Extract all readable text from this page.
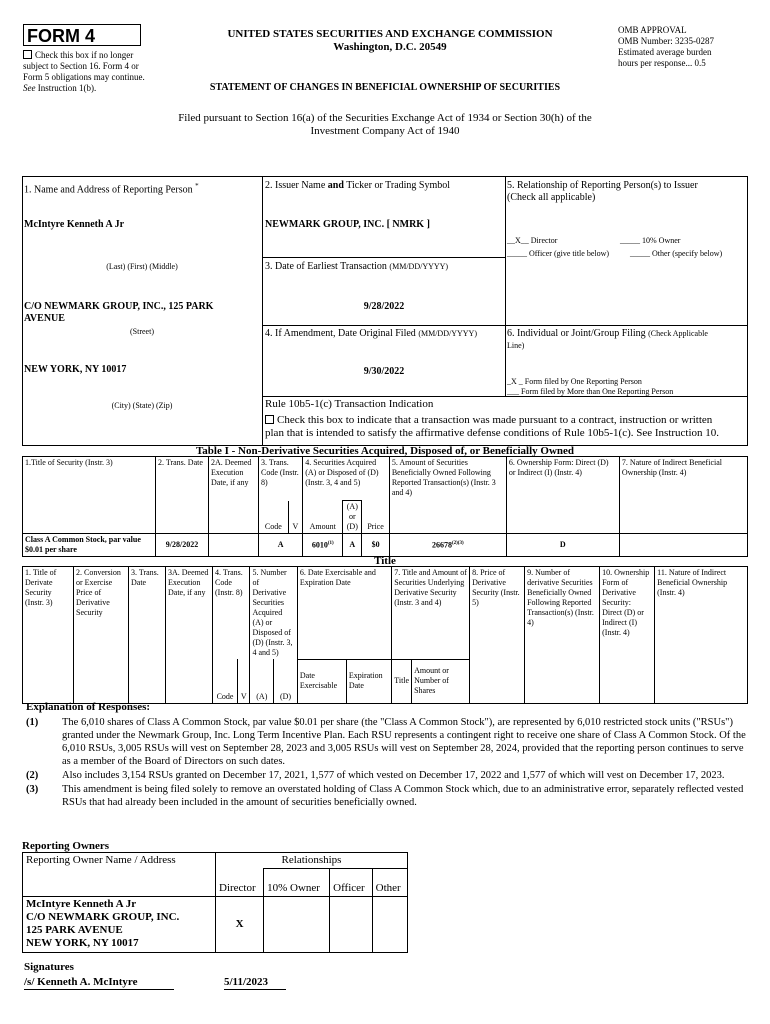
FORM 4
Check this box if no longer subject to Section 16. Form 4 or Form 5 obligations may continue. See Instruction 1(b).
UNITED STATES SECURITIES AND EXCHANGE COMMISSION
Washington, D.C. 20549
STATEMENT OF CHANGES IN BENEFICIAL OWNERSHIP OF SECURITIES
OMB APPROVAL
OMB Number: 3235-0287
Estimated average burden
hours per response... 0.5
Filed pursuant to Section 16(a) of the Securities Exchange Act of 1934 or Section 30(h) of the
Investment Company Act of 1940
1. Name and Address of Reporting Person *
McIntyre Kenneth A Jr
(Last) (First) (Middle)
C/O NEWMARK GROUP, INC., 125 PARK AVENUE
(Street)
NEW YORK, NY 10017
(City) (State) (Zip)
2. Issuer Name and Ticker or Trading Symbol
NEWMARK GROUP, INC. [ NMRK ]
3. Date of Earliest Transaction (MM/DD/YYYY)
9/28/2022
4. If Amendment, Date Original Filed (MM/DD/YYYY)
9/30/2022
5. Relationship of Reporting Person(s) to Issuer
(Check all applicable)
__X__ Director	_____ 10% Owner
_____ Officer (give title below)	_____ Other (specify below)
6. Individual or Joint/Group Filing (Check Applicable
Line)
_X _ Form filed by One Reporting Person
___ Form filed by More than One Reporting Person
Rule 10b5-1(c) Transaction Indication
Check this box to indicate that a transaction was made pursuant to a contract, instruction or written
plan that is intended to satisfy the affirmative defense conditions of Rule 10b5-1(c). See Instruction 10.
Table I - Non-Derivative Securities Acquired, Disposed of, or Beneficially Owned
1.Title of Security (Instr. 3)	2. Trans. Date	2A. Deemed Execution Date, if any	3. Trans. Code (Instr. 8)		4. Securities Acquired (A) or Disposed of (D) (Instr. 3, 4 and 5)			5. Amount of Securities Beneficially Owned Following Reported Transaction(s) (Instr. 3 and 4)	6. Ownership Form: Direct (D) or Indirect (I) (Instr. 4)	7. Nature of Indirect Beneficial Ownership (Instr. 4)
			Code	V	Amount	(A) or (D)	Price			
Class A Common Stock, par value $0.01 per share	9/28/2022		A		6010$^{(1)}$	A	$0	$26678^{(2)(3)}$	D	
Title
1. Title of Derivate Security (Instr. 3)	2. Conversion or Exercise Price of Derivative Security	3. Trans. Date	3A. Deemed Execution Date, if any	4. Trans. Code (Instr. 8)		5. Number of Derivative Securities Acquired (A) or Disposed of (D) (Instr. 3, 4 and 5)		6. Date Exercisable and Expiration Date		7. Title and Amount of Securities Underlying Derivative Security (Instr. 3 and 4)		8. Price of Derivative Security (Instr. 5)	9. Number of derivative Securities Beneficially Owned Following Reported Transaction(s) (Instr. 4)	10. Ownership Form of Derivative Security: Direct (D) or Indirect (I) (Instr. 4)	11. Nature of Indirect Beneficial Ownership (Instr. 4)
				Code	V	(A)	(D)	Date Exercisable	Expiration Date	Title	Amount or Number of Shares				
Explanation of Responses:
(1)	The 6,010 shares of Class A Common Stock, par value $0.01 per share (the "Class A Common Stock"), are represented by 6,010 restricted stock units ("RSUs") granted under the Newmark Group, Inc. Long Term Incentive Plan. Each RSU represents a contingent right to receive one share of Class A Common Stock. Of the 6,010 RSUs, 3,005 RSUs will vest on September 28, 2023 and 3,005 RSUs will vest on September 28, 2024, provided that the reporting person continues to serve as a member of the Board of Directors on such dates.
(2)	Also includes 3,154 RSUs granted on December 17, 2021, 1,577 of which vested on December 17, 2022 and 1,577 of which will vest on December 17, 2023.
(3)	This amendment is being filed solely to remove an overstated holding of Class A Common Stock which, due to an administrative error, separately reflected vested RSUs that had already been included in the amount of securities beneficially owned.
Reporting Owners
Reporting Owner Name / Address	Relationships			
	Director	10% Owner	Officer	Other

McIntyre Kenneth A Jr
C/O NEWMARK GROUP, INC.
125 PARK AVENUE
NEW YORK, NY 10017	X			
Signatures
/s/ Kenneth A. McIntyre	5/11/2023
